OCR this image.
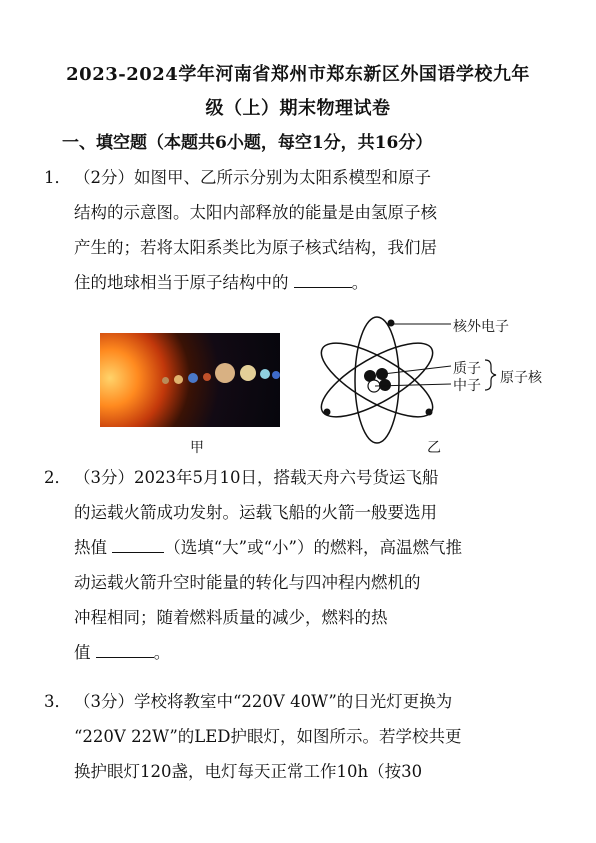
2023-2024学年河南省郑州市郑东新区外国语学校九年
级（上）期末物理试卷
一、填空题（本题共6小题，每空1分，共16分）
1． （2分）如图甲、乙所示分别为太阳系模型和原子
结构的示意图。太阳内部释放的能量是由氢原子核
产生的；若将太阳系类比为原子核式结构，我们居
住的地球相当于原子结构中的	。
甲
核外电子
质子
中子 原子核
乙
2． （3分）2023年5月10日，搭载天舟六号货运飞船
的运载火箭成功发射。运载飞船的火箭一般要选用
热值	（选填“大”或“小”）的燃料，高温燃气推
动运载火箭升空时能量的转化与四冲程内燃机的
冲程相同；随着燃料质量的减少，燃料的热
值	。
3． （3分）学校将教室中“220V 40W”的日光灯更换为
“220V 22W”的LED护眼灯，如图所示。若学校共更
换护眼灯120盏，电灯每天正常工作10h（按30
